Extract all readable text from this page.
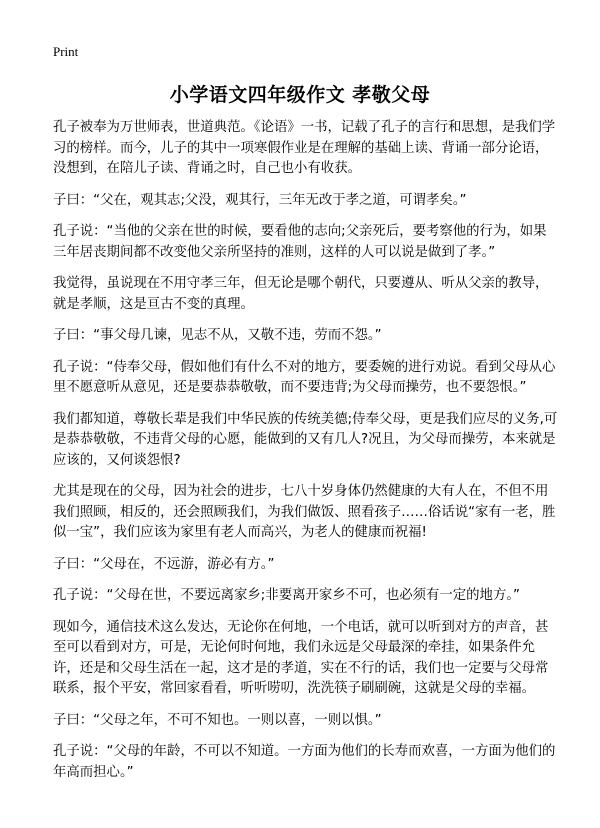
Print
小学语文四年级作文 孝敬父母

孔子被奉为万世师表，世道典范。《论语》一书，记载了孔子的言行和思想，是我们学习的榜样。而今，儿子的其中一项寒假作业是在理解的基础上读、背诵一部分论语，没想到，在陪儿子读、背诵之时，自己也小有收获。

子曰：“父在，观其志;父没，观其行，三年无改于孝之道，可谓孝矣。”

孔子说：“当他的父亲在世的时候，要看他的志向;父亲死后，要考察他的行为，如果三年居丧期间都不改变他父亲所坚持的准则，这样的人可以说是做到了孝。”

我觉得，虽说现在不用守孝三年，但无论是哪个朝代，只要遵从、听从父亲的教导，就是孝顺，这是亘古不变的真理。

子曰：“事父母几谏，见志不从，又敬不违，劳而不怨。”

孔子说：“侍奉父母，假如他们有什么不对的地方，要委婉的进行劝说。看到父母从心里不愿意听从意见，还是要恭恭敬敬，而不要违背;为父母而操劳，也不要怨恨。”

我们都知道，尊敬长辈是我们中华民族的传统美德;侍奉父母，更是我们应尽的义务,可是恭恭敬敬，不违背父母的心愿，能做到的又有几人?况且，为父母而操劳，本来就是应该的，又何谈怨恨?

尤其是现在的父母，因为社会的进步，七八十岁身体仍然健康的大有人在，不但不用我们照顾，相反的，还会照顾我们，为我们做饭、照看孩子……俗话说“家有一老，胜似一宝”，我们应该为家里有老人而高兴，为老人的健康而祝福!

子曰：“父母在，不远游，游必有方。”

孔子说：“父母在世，不要远离家乡;非要离开家乡不可，也必须有一定的地方。”

现如今，通信技术这么发达，无论你在何地，一个电话，就可以听到对方的声音，甚至可以看到对方，可是，无论何时何地，我们永远是父母最深的牵挂，如果条件允许，还是和父母生活在一起，这才是的孝道，实在不行的话，我们也一定要与父母常联系，报个平安，常回家看看，听听唠叨，洗洗筷子刷刷碗，这就是父母的幸福。

子曰：“父母之年，不可不知也。一则以喜，一则以惧。”

孔子说：“父母的年龄，不可以不知道。一方面为他们的长寿而欢喜，一方面为他们的年高而担心。”
